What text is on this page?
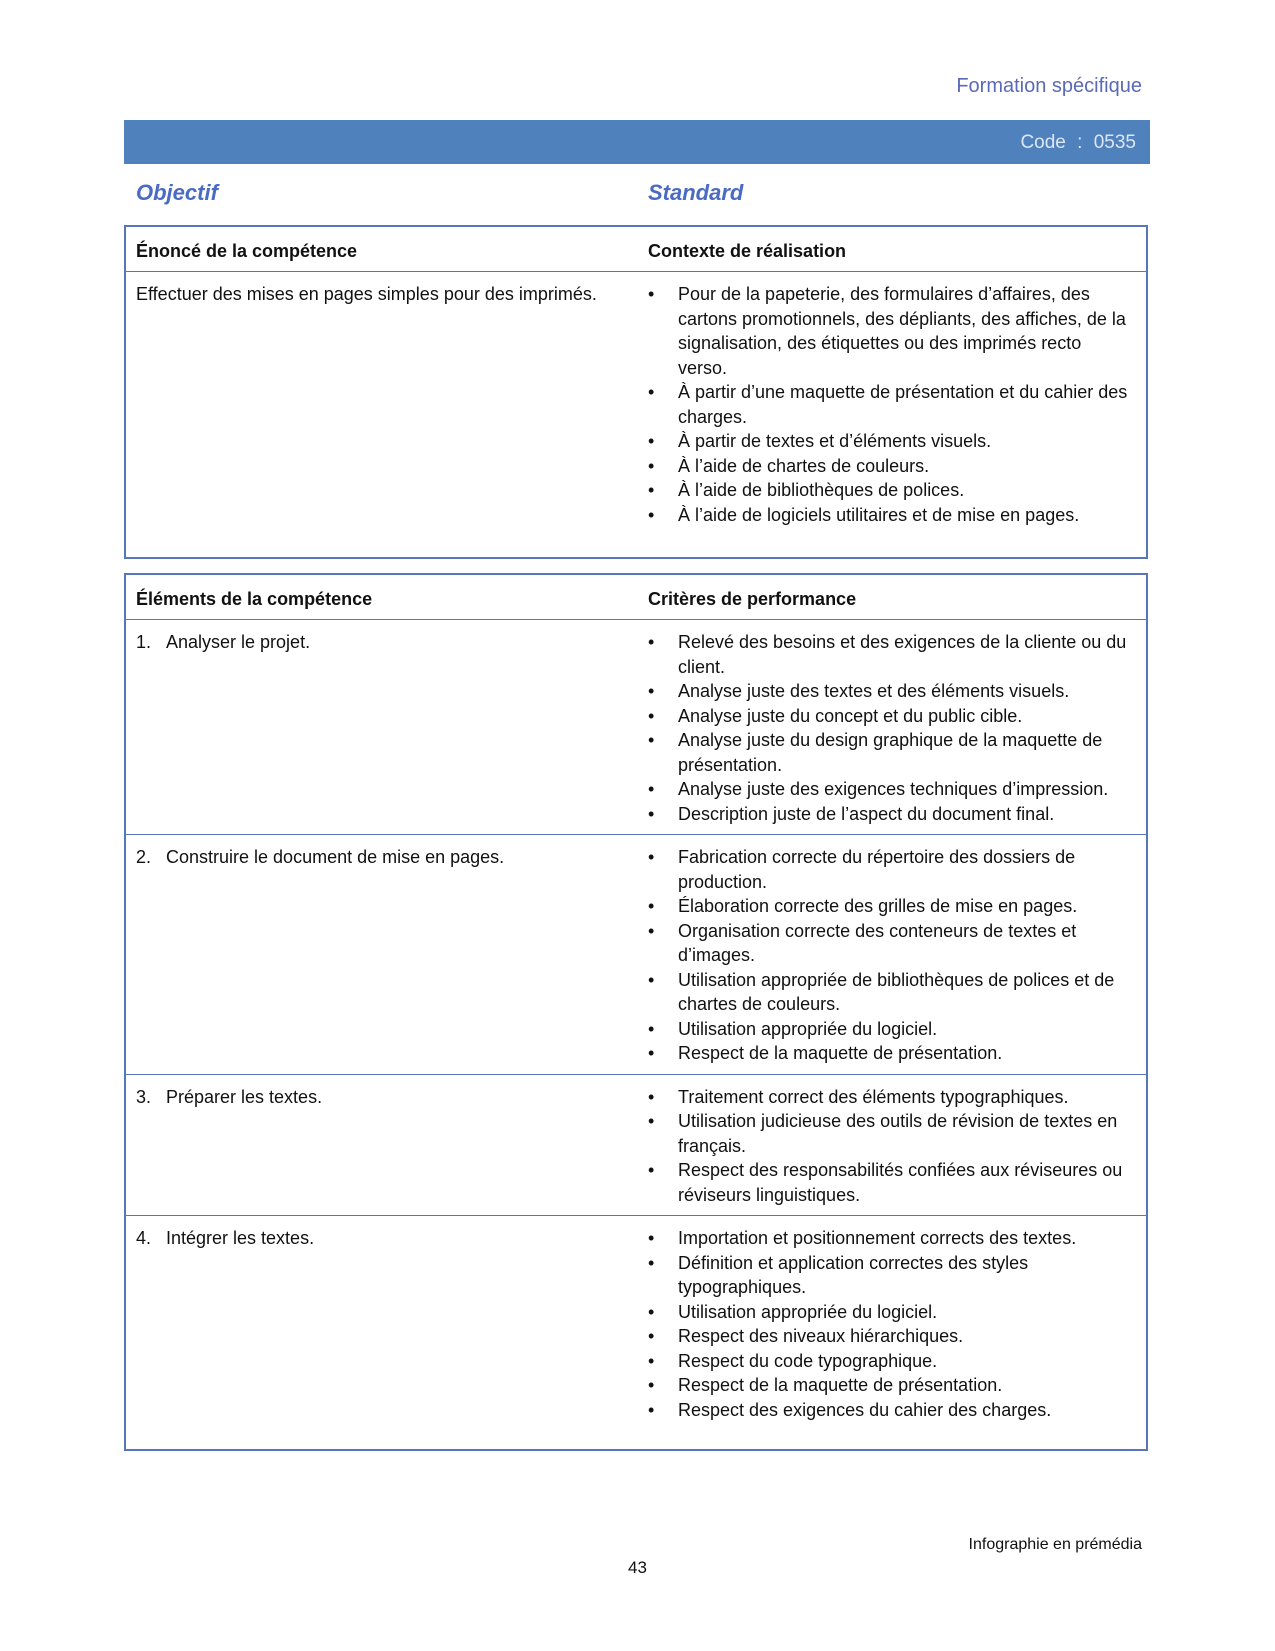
Formation spécifique
Code : 0535
Objectif	Standard
Énoncé de la compétence	Contexte de réalisation
Effectuer des mises en pages simples pour des imprimés.	• Pour de la papeterie, des formulaires d’affaires, des cartons promotionnels, des dépliants, des affiches, de la signalisation, des étiquettes ou des imprimés recto verso.
• À partir d’une maquette de présentation et du cahier des charges.
• À partir de textes et d’éléments visuels.
• À l’aide de chartes de couleurs.
• À l’aide de bibliothèques de polices.
• À l’aide de logiciels utilitaires et de mise en pages.
Éléments de la compétence	Critères de performance
1. Analyser le projet.	• Relevé des besoins et des exigences de la cliente ou du client.
• Analyse juste des textes et des éléments visuels.
• Analyse juste du concept et du public cible.
• Analyse juste du design graphique de la maquette de présentation.
• Analyse juste des exigences techniques d’impression.
• Description juste de l’aspect du document final.
2. Construire le document de mise en pages.	• Fabrication correcte du répertoire des dossiers de production.
• Élaboration correcte des grilles de mise en pages.
• Organisation correcte des conteneurs de textes et d’images.
• Utilisation appropriée de bibliothèques de polices et de chartes de couleurs.
• Utilisation appropriée du logiciel.
• Respect de la maquette de présentation.
3. Préparer les textes.	• Traitement correct des éléments typographiques.
• Utilisation judicieuse des outils de révision de textes en français.
• Respect des responsabilités confiées aux réviseures ou réviseurs linguistiques.
4. Intégrer les textes.	• Importation et positionnement corrects des textes.
• Définition et application correctes des styles typographiques.
• Utilisation appropriée du logiciel.
• Respect des niveaux hiérarchiques.
• Respect du code typographique.
• Respect de la maquette de présentation.
• Respect des exigences du cahier des charges.
Infographie en prémédia
43
